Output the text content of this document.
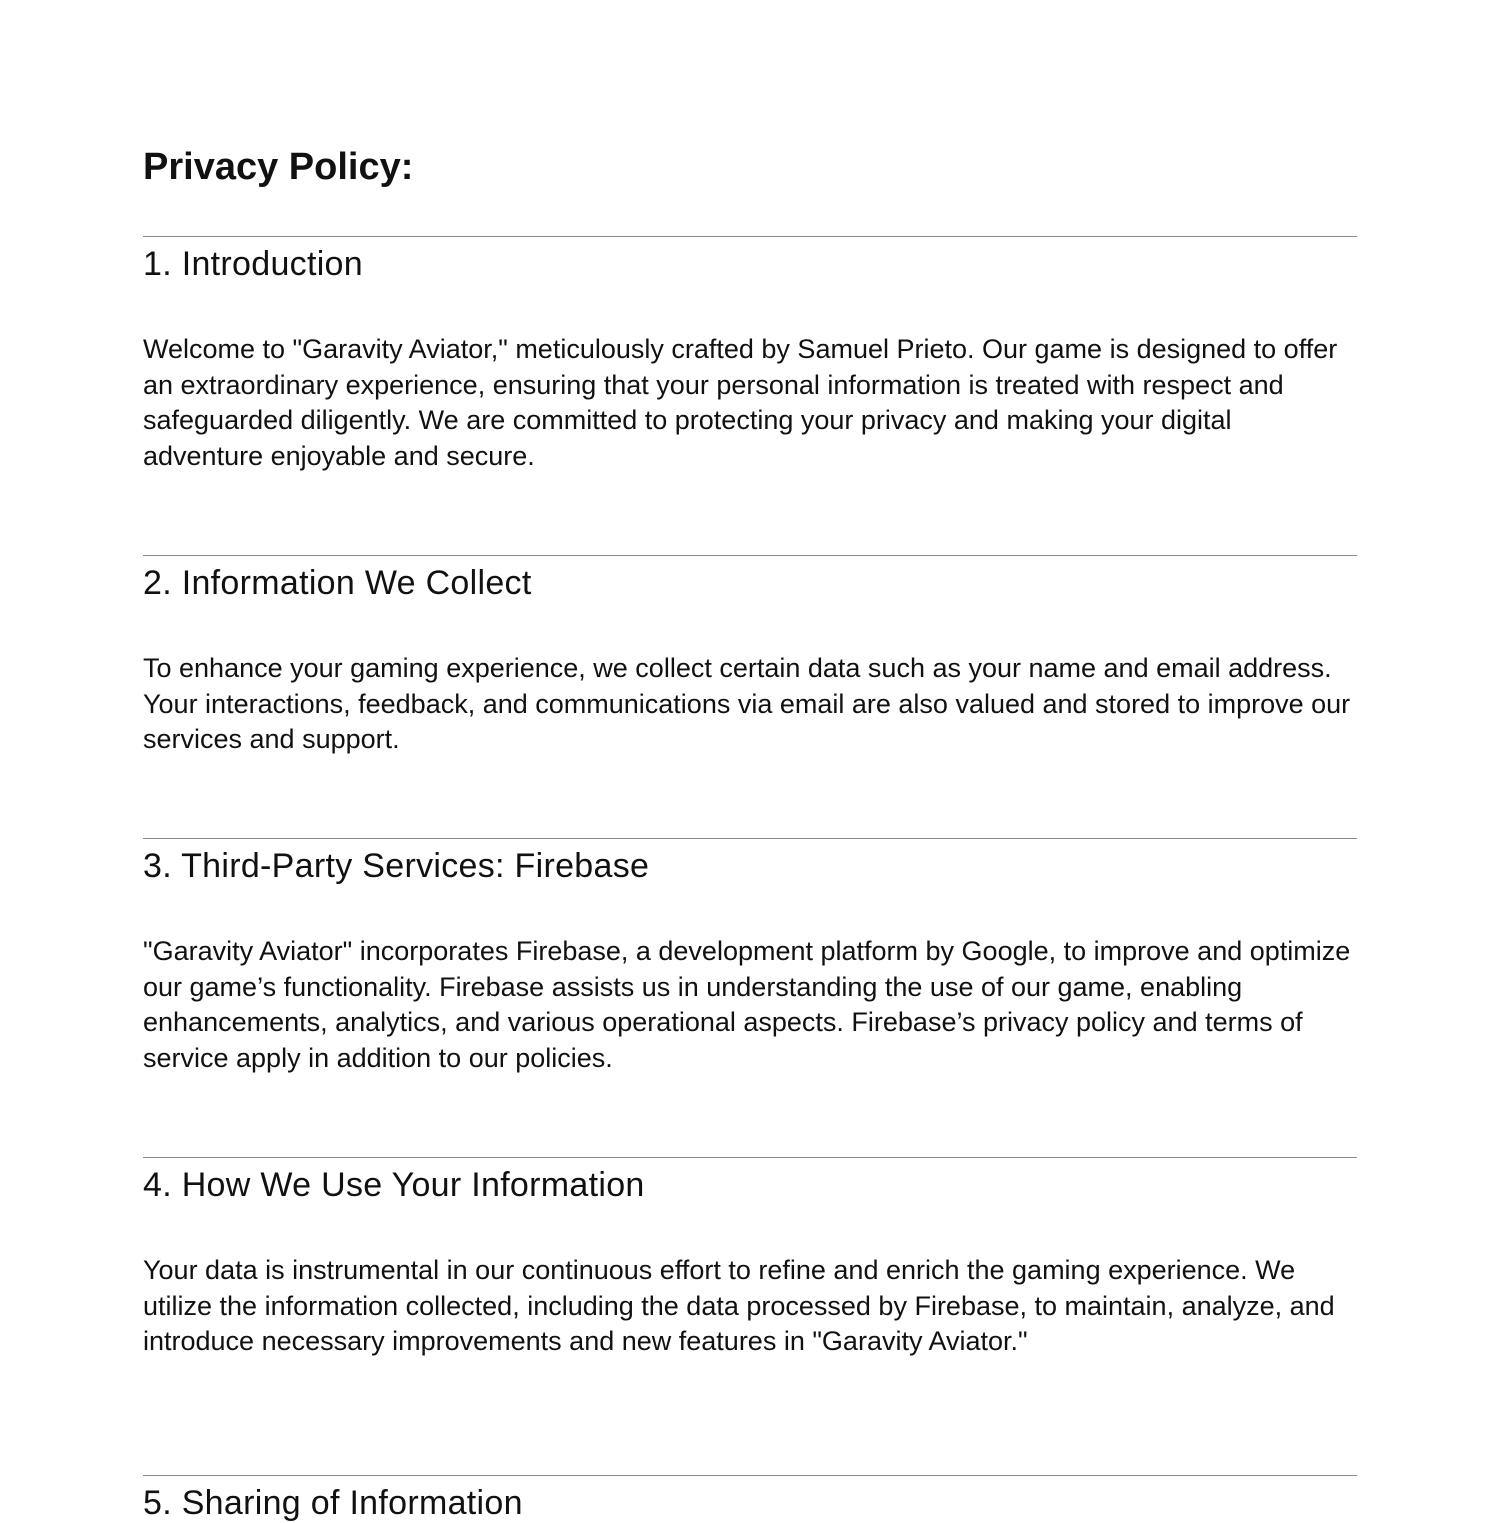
Privacy Policy:
1. Introduction

Welcome to "Garavity Aviator," meticulously crafted by Samuel Prieto. Our game is designed to offer an extraordinary experience, ensuring that your personal information is treated with respect and safeguarded diligently. We are committed to protecting your privacy and making your digital adventure enjoyable and secure.

2. Information We Collect

To enhance your gaming experience, we collect certain data such as your name and email address. Your interactions, feedback, and communications via email are also valued and stored to improve our services and support.

3. Third-Party Services: Firebase

"Garavity Aviator" incorporates Firebase, a development platform by Google, to improve and optimize our game’s functionality. Firebase assists us in understanding the use of our game, enabling enhancements, analytics, and various operational aspects. Firebase’s privacy policy and terms of service apply in addition to our policies.

4. How We Use Your Information

Your data is instrumental in our continuous effort to refine and enrich the gaming experience. We utilize the information collected, including the data processed by Firebase, to maintain, analyze, and introduce necessary improvements and new features in "Garavity Aviator."

5. Sharing of Information
